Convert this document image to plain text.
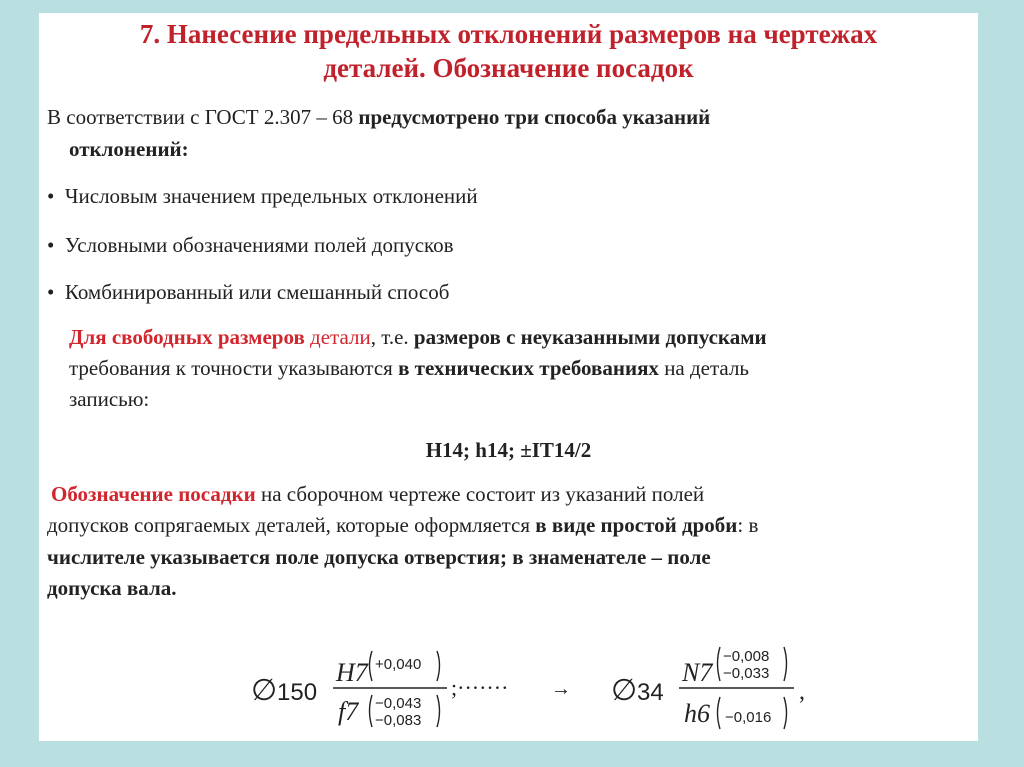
7. Нанесение предельных отклонений размеров на чертежах
деталей. Обозначение посадок
В соответствии с ГОСТ 2.307 – 68 предусмотрено три способа указаний
отклонений:
• Числовым значением предельных отклонений
• Условными обозначениями полей допусков
• Комбинированный или смешанный способ
Для свободных размеров детали, т.е. размеров с неуказанными допусками
требования к точности указываются в технических требованиях на деталь
записью:
H14; h14; ±IT14/2
Обозначение посадки на сборочном чертеже состоит из указаний полей
допусков сопрягаемых деталей, которые оформляется в виде простой дроби: в
числителе указывается поле допуска отверстия; в знаменателе – поле
допуска вала.
∅ 150
H7 +0,040
f7 −0,043
−0,083
;······· → ∅ 34
N7
−0,008
−0,033
h6 −0,016
,
